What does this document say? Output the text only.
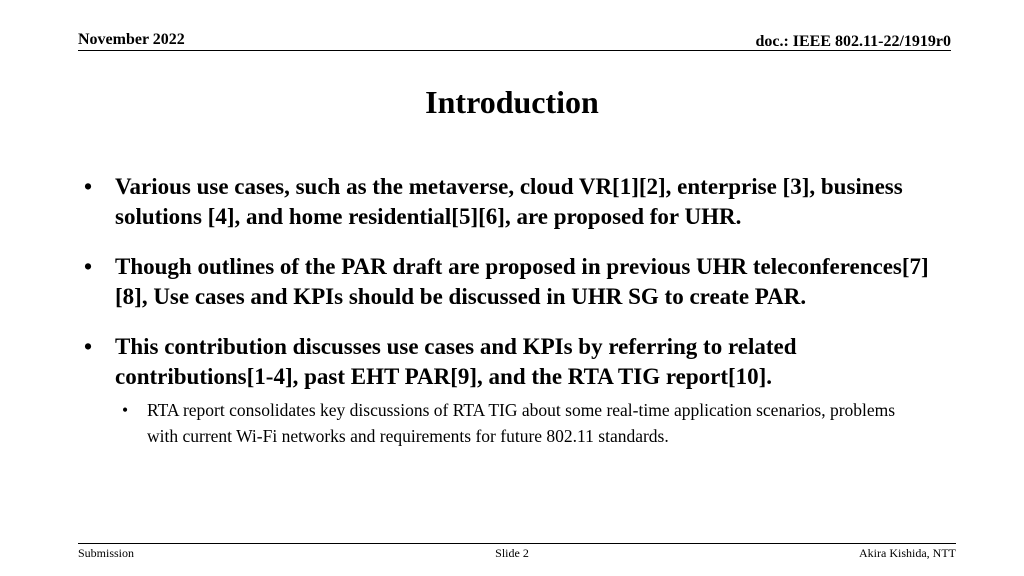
November 2022	doc.: IEEE 802.11-22/1919r0
Introduction
• Various use cases, such as the metaverse, cloud VR[1][2], enterprise [3], business solutions [4], and home residential[5][6], are proposed for UHR.
• Though outlines of the PAR draft are proposed in previous UHR teleconferences[7][8], Use cases and KPIs should be discussed in UHR SG to create PAR.
• This contribution discusses use cases and KPIs by referring to related contributions[1-4], past EHT PAR[9], and the RTA TIG report[10].
• RTA report consolidates key discussions of RTA TIG about some real-time application scenarios, problems with current Wi-Fi networks and requirements for future 802.11 standards.
Submission	Slide 2	Akira Kishida, NTT
